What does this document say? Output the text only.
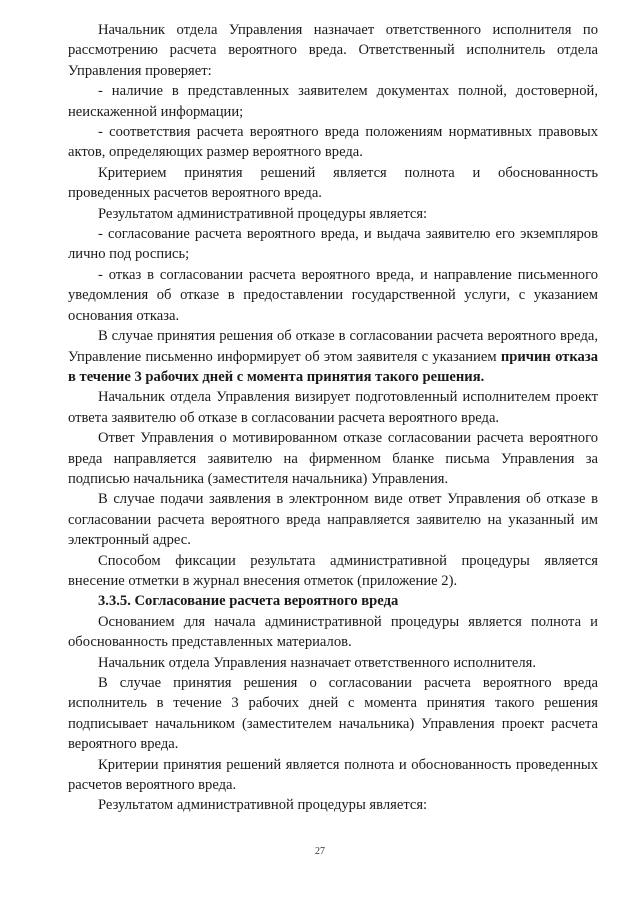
Начальник отдела Управления назначает ответственного исполнителя по рассмотрению расчета вероятного вреда. Ответственный исполнитель отдела Управления проверяет:

- наличие в представленных заявителем документах полной, достоверной, неискаженной информации;

- соответствия расчета вероятного вреда положениям нормативных правовых актов, определяющих размер вероятного вреда.

Критерием принятия решений является полнота и обоснованность проведенных расчетов вероятного вреда.

Результатом административной процедуры является:

- согласование расчета вероятного вреда, и выдача заявителю его экземпляров лично под роспись;

- отказ в согласовании расчета вероятного вреда, и направление письменного уведомления об отказе в предоставлении государственной услуги, с указанием основания отказа.

В случае принятия решения об отказе в согласовании расчета вероятного вреда, Управление письменно информирует об этом заявителя с указанием причин отказа в течение 3 рабочих дней с момента принятия такого решения.

Начальник отдела Управления визирует подготовленный исполнителем проект ответа заявителю об отказе в согласовании расчета вероятного вреда.

Ответ Управления о мотивированном отказе согласовании расчета вероятного вреда направляется заявителю на фирменном бланке письма Управления за подписью начальника (заместителя начальника) Управления.

В случае подачи заявления в электронном виде ответ Управления об отказе в согласовании расчета вероятного вреда направляется заявителю на указанный им электронный адрес.

Способом фиксации результата административной процедуры является внесение отметки в журнал внесения отметок (приложение 2).

3.3.5. Согласование расчета вероятного вреда

Основанием для начала административной процедуры является полнота и обоснованность представленных материалов.

Начальник отдела Управления назначает ответственного исполнителя.

В случае принятия решения о согласовании расчета вероятного вреда исполнитель в течение 3 рабочих дней с момента принятия такого решения подписывает начальником (заместителем начальника) Управления проект расчета вероятного вреда.

Критерии принятия решений является полнота и обоснованность проведенных расчетов вероятного вреда.

Результатом административной процедуры является:

27
